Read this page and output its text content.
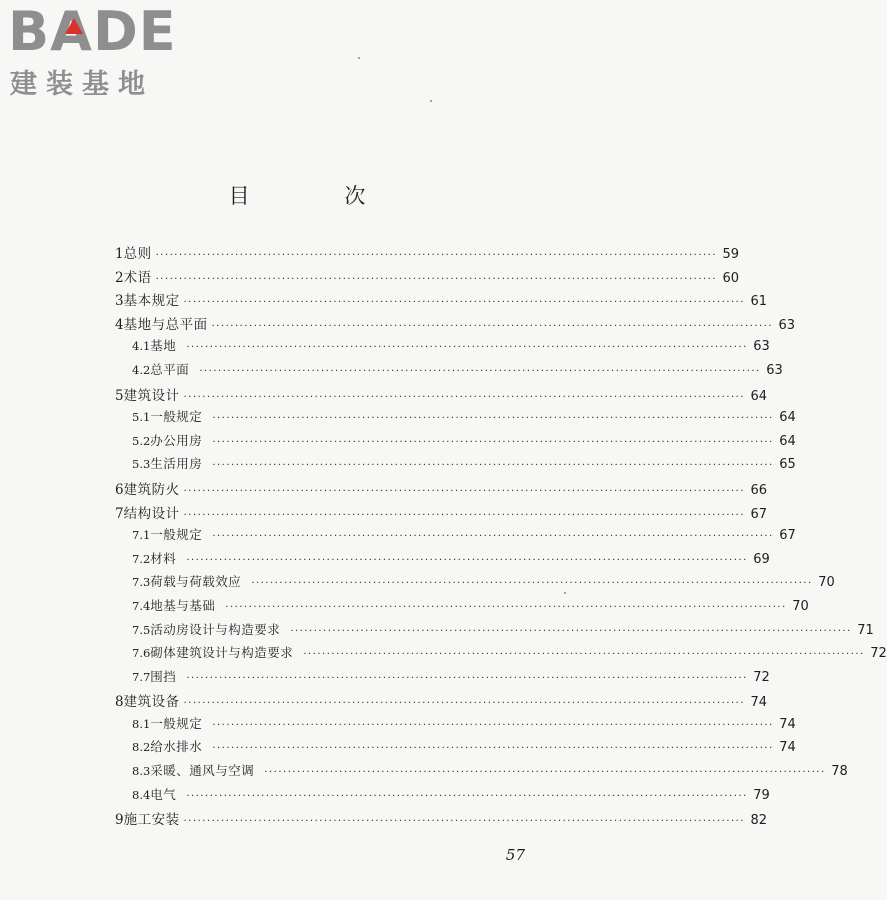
BADE
建装基地
目 次
1 总则 ························································································································ 59
2 术语 ························································································································ 60
3 基本规定 ························································································································ 61
4 基地与总平面 ························································································································ 63
4.1 基地 ························································································································ 63
4.2 总平面 ························································································································ 63
5 建筑设计 ························································································································ 64
5.1 一般规定 ························································································································ 64
5.2 办公用房 ························································································································ 64
5.3 生活用房 ························································································································ 65
6 建筑防火 ························································································································ 66
7 结构设计 ························································································································ 67
7.1 一般规定 ························································································································ 67
7.2 材料 ························································································································ 69
7.3 荷载与荷载效应 ························································································································ 70
7.4 地基与基础 ························································································································ 70
7.5 活动房设计与构造要求 ························································································································ 71
7.6 砌体建筑设计与构造要求 ························································································································ 72
7.7 围挡 ························································································································ 72
8 建筑设备 ························································································································ 74
8.1 一般规定 ························································································································ 74
8.2 给水排水 ························································································································ 74
8.3 采暖、通风与空调 ························································································································ 78
8.4 电气 ························································································································ 79
9 施工安装 ························································································································ 82
57
